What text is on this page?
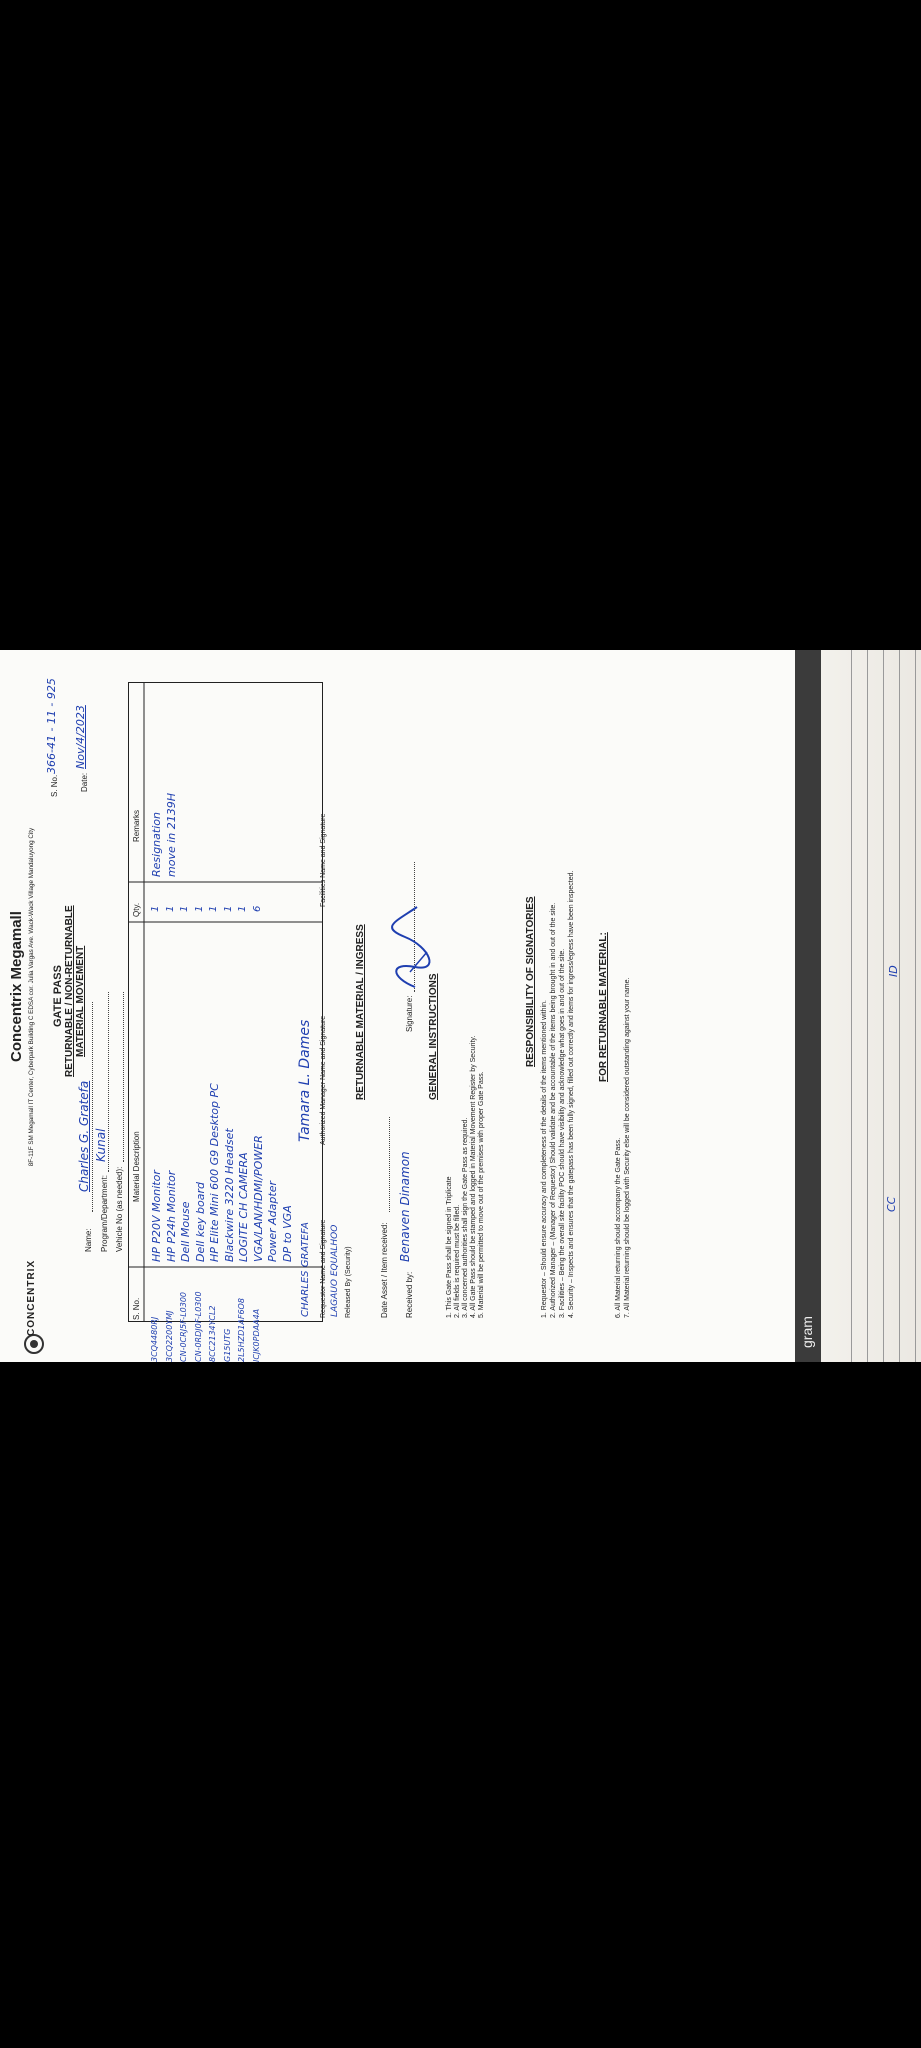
CONCENTRIX
Concentrix Megamall 8F-11F SM Megamall IT Center, Cyberpark Building C EDSA cor. Julia Vargas Ave. Wack-Wack Village Mandaluyong City GATE PASS RETURNABLE / NON-RETURNABLE MATERIAL MOVEMENT
S. No.
366-41 - 11 - 925
Date:
Nov/4/2023
Name:
Charles G. Gratefa
Program/Department:
Kunal
Vehicle No (as needed):
S. No.
Material Description
Qty.
Remarks
3CQ4480RJ
HP P20V Monitor
1
Resignation
3CQ2200YMJ
HP P24h Monitor
1
move in 2139H
CN-0CRJ5F-L0300
Dell Mouse
1
CN-0RDJ0F-L0300
Dell key board
1
8CC2134YCL2
HP Elite Mini 600 G9 Desktop PC
1
G15UTG
Blackwire 3220 Headset
1
2L5HZD1AF6O8
LOGITE CH CAMERA
1
ICJK0PDAA4A
VGA/LAN/HDMI/POWER
6
Power Adapter DP to VGA CHARLES GRATEFA Requestor Name and Signature
Tamara L. Dames Authorized Manager Name and Signature
Facilities Name and Signature
LAGAUO EQUALHOO Released By (Security)
RETURNABLE MATERIAL / INGRESS
Date Asset / Item received: Received by:
Benaven Dinamon
Signature: GENERAL INSTRUCTIONS
1. This Gate Pass shall be signed in Triplicate 2. All fields is required must be filled. 3. All concerned authorities shall sign the Gate Pass as required. 4. All Gate Pass should be stamped and logged in Material Movement Register by Security. 5. Material will be permitted to move out of the premises with proper Gate Pass.
RESPONSIBILITY OF SIGNATORIES
1. Requestor – Should ensure accuracy and completeness of the details of the items mentioned within. 2. Authorized Manager – (Manager of Requestor) Should validate and be accountable of the items being brought in and out of the site. 3. Facilities – Being the overall site facility POC should have visibility and acknowledge what goes in and out of the site. 4. Security – Inspects and ensures that the gatepass has been fully signed, filled out correctly and items for ingress/egress have been inspected. FOR RETURNABLE MATERIAL:
6. All Material returning should accompany the Gate Pass. 7. All Material returning should be logged with Security else will be considered outstanding against your name.
gram
CC
ID
